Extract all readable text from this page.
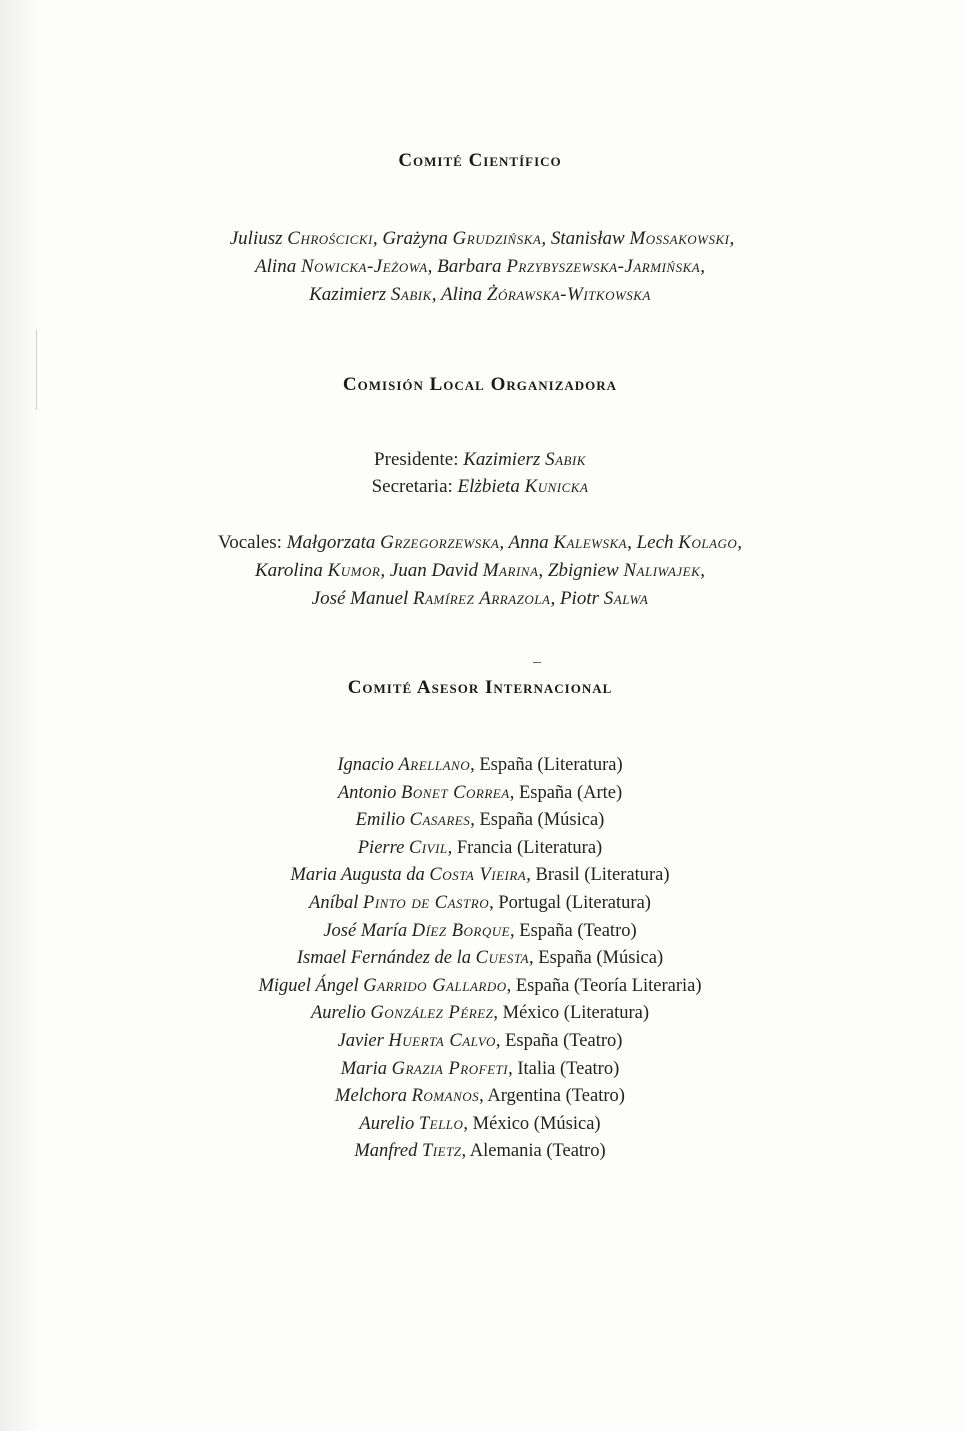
Comité Científico
Juliusz Chrościcki, Grażyna Grudzińska, Stanisław Mossakowski,
Alina Nowicka-Jeżowa, Barbara Przybyszewska-Jarmińska,
Kazimierz Sabik, Alina Żórawska-Witkowska
Comisión Local Organizadora
Presidente: Kazimierz Sabik
Secretaria: Elżbieta Kunicka
Vocales: Małgorzata Grzegorzewska, Anna Kalewska, Lech Kolago,
Karolina Kumor, Juan David Marina, Zbigniew Naliwajek,
José Manuel Ramírez Arrazola, Piotr Salwa
Comité Asesor Internacional
Ignacio Arellano, España (Literatura)
Antonio Bonet Correa, España (Arte)
Emilio Casares, España (Música)
Pierre Civil, Francia (Literatura)
Maria Augusta da Costa Vieira, Brasil (Literatura)
Aníbal Pinto de Castro, Portugal (Literatura)
José María Díez Borque, España (Teatro)
Ismael Fernández de la Cuesta, España (Música)
Miguel Ángel Garrido Gallardo, España (Teoría Literaria)
Aurelio González Pérez, México (Literatura)
Javier Huerta Calvo, España (Teatro)
Maria Grazia Profeti, Italia (Teatro)
Melchora Romanos, Argentina (Teatro)
Aurelio Tello, México (Música)
Manfred Tietz, Alemania (Teatro)
